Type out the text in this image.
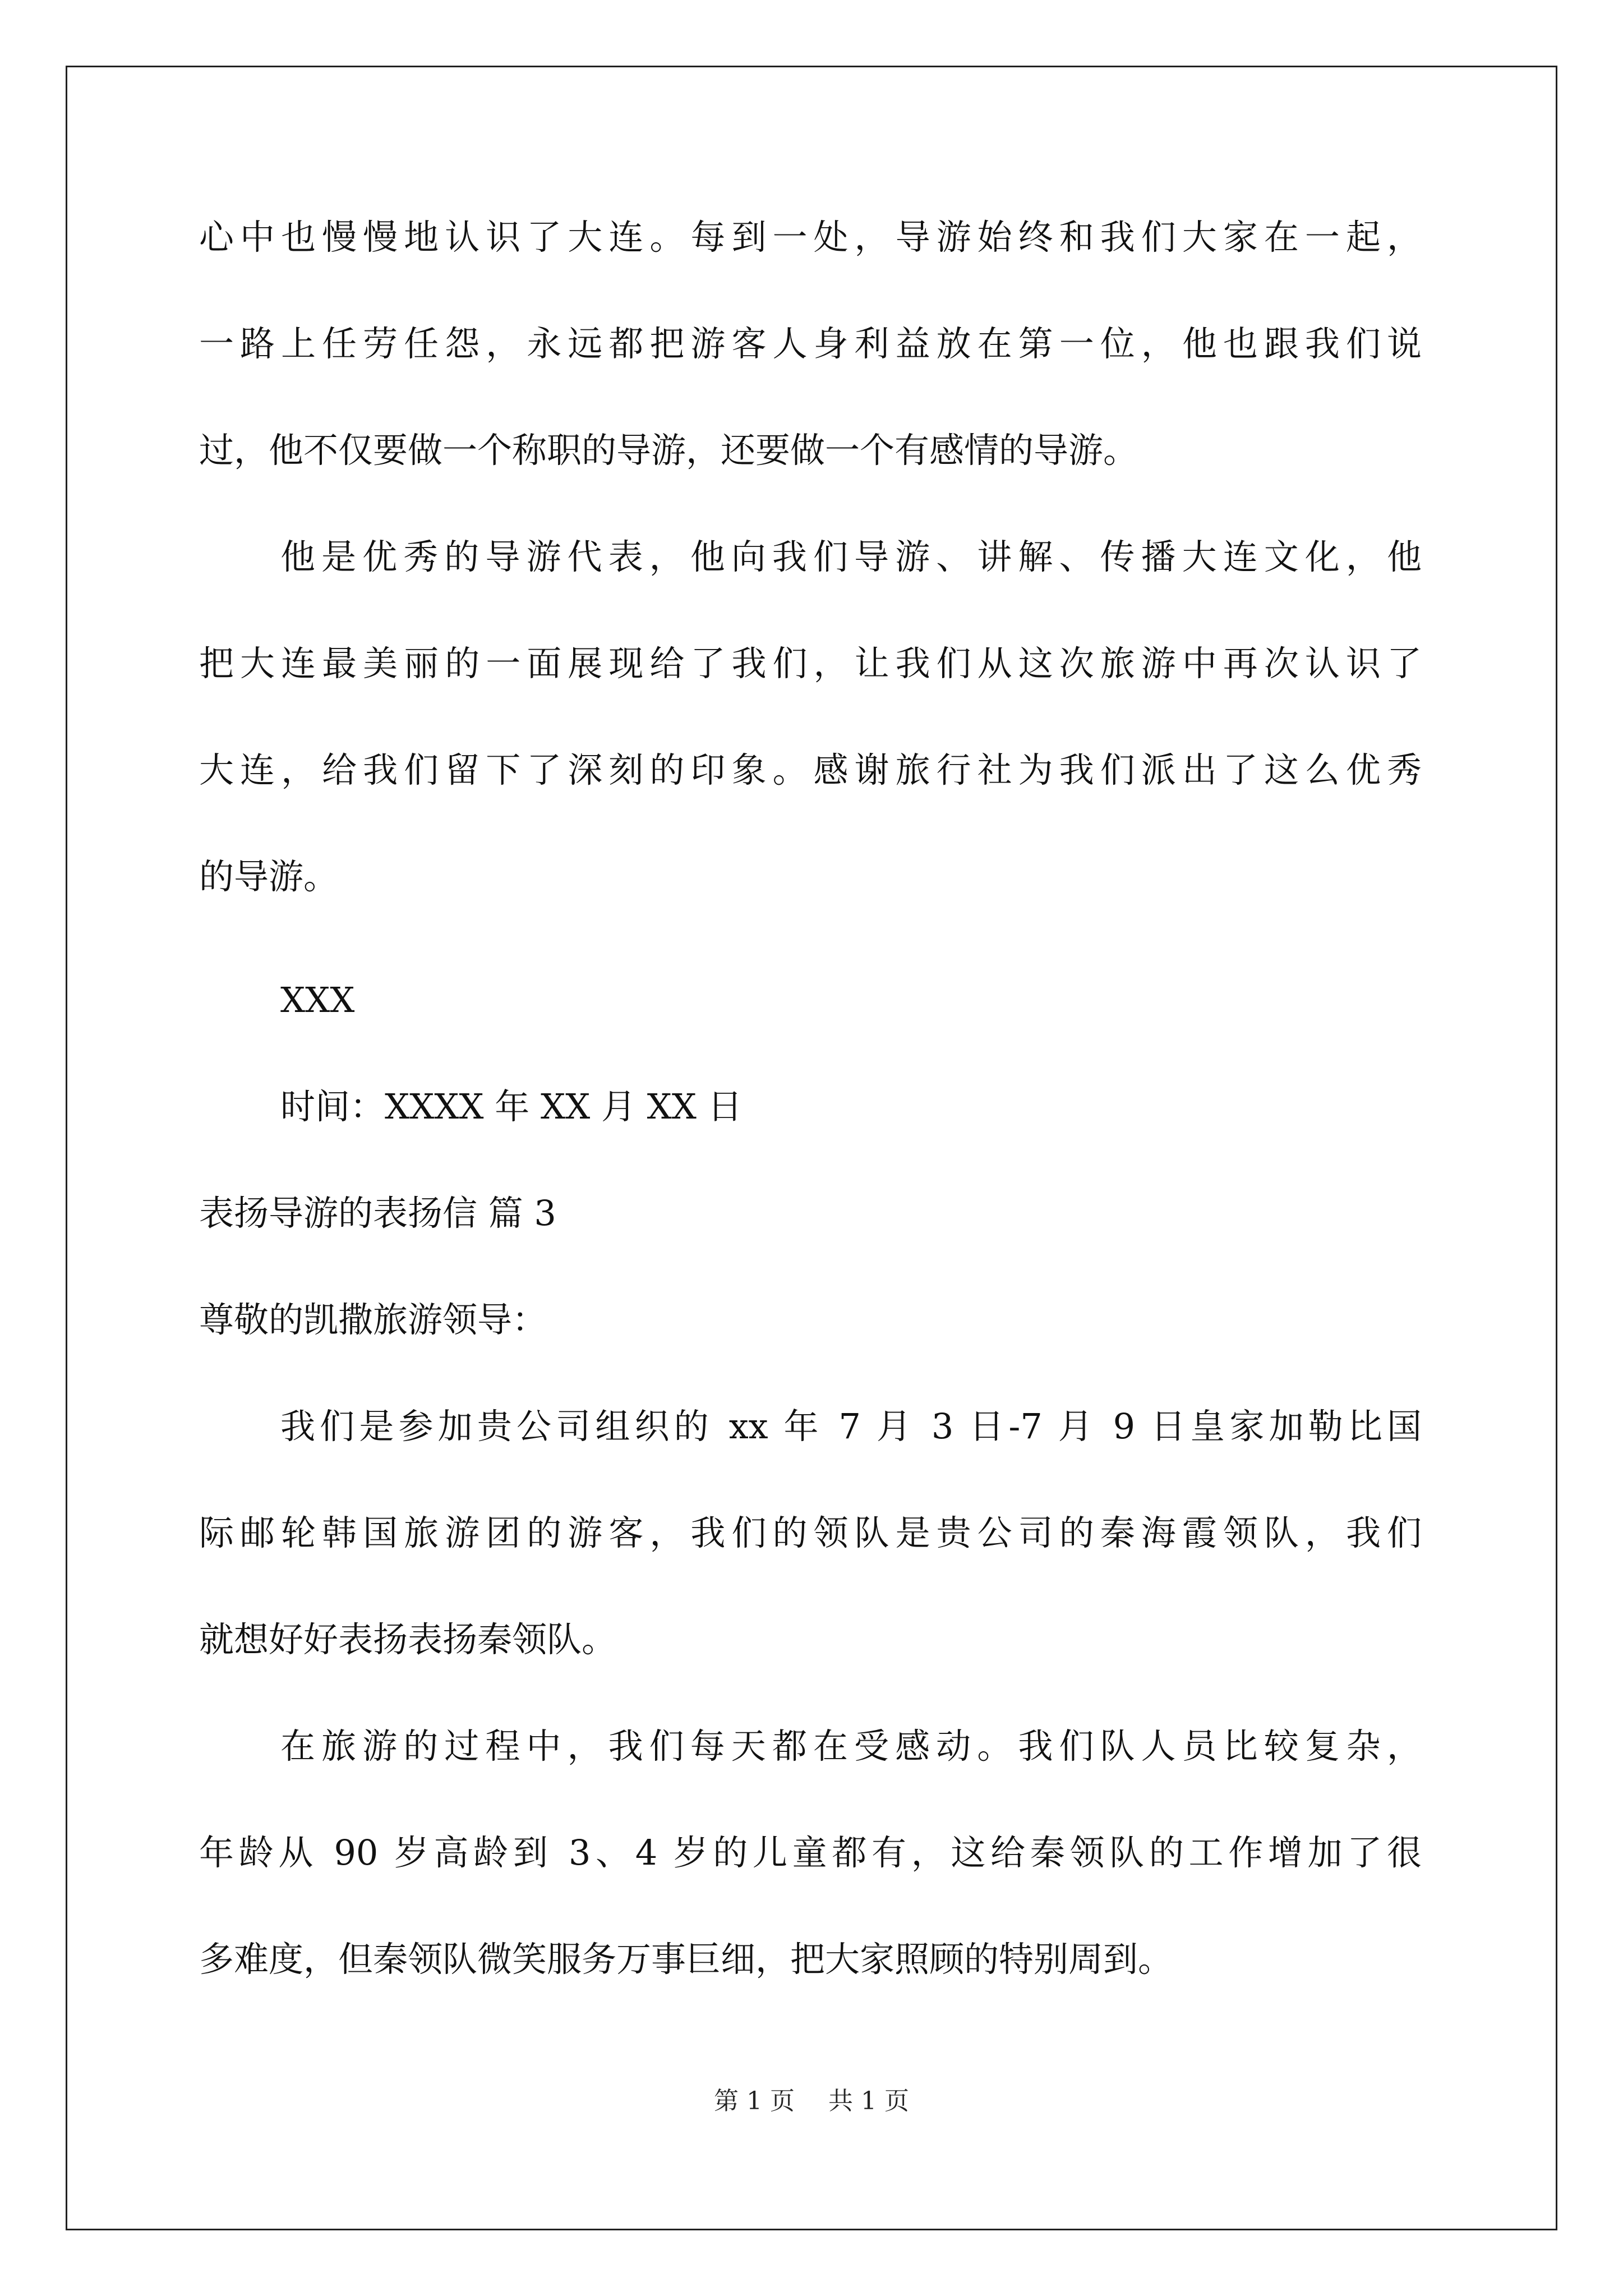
心中也慢慢地认识了大连。每到一处，导游始终和我们大家在一起，
一路上任劳任怨，永远都把游客人身利益放在第一位，他也跟我们说
过，他不仅要做一个称职的导游，还要做一个有感情的导游。
他是优秀的导游代表，他向我们导游、讲解、传播大连文化，他
把大连最美丽的一面展现给了我们，让我们从这次旅游中再次认识了
大连，给我们留下了深刻的印象。感谢旅行社为我们派出了这么优秀
的导游。
XXX
时间：XXXX 年 XX 月 XX 日
表扬导游的表扬信 篇 3
尊敬的凯撒旅游领导：
我们是参加贵公司组织的 xx 年 7 月 3 日-7 月 9 日皇家加勒比国
际邮轮韩国旅游团的游客，我们的领队是贵公司的秦海霞领队，我们
就想好好表扬表扬秦领队。
在旅游的过程中，我们每天都在受感动。我们队人员比较复杂，
年龄从 90 岁高龄到 3、4 岁的儿童都有，这给秦领队的工作增加了很
多难度，但秦领队微笑服务万事巨细，把大家照顾的特别周到。
第 1 页 共 1 页
